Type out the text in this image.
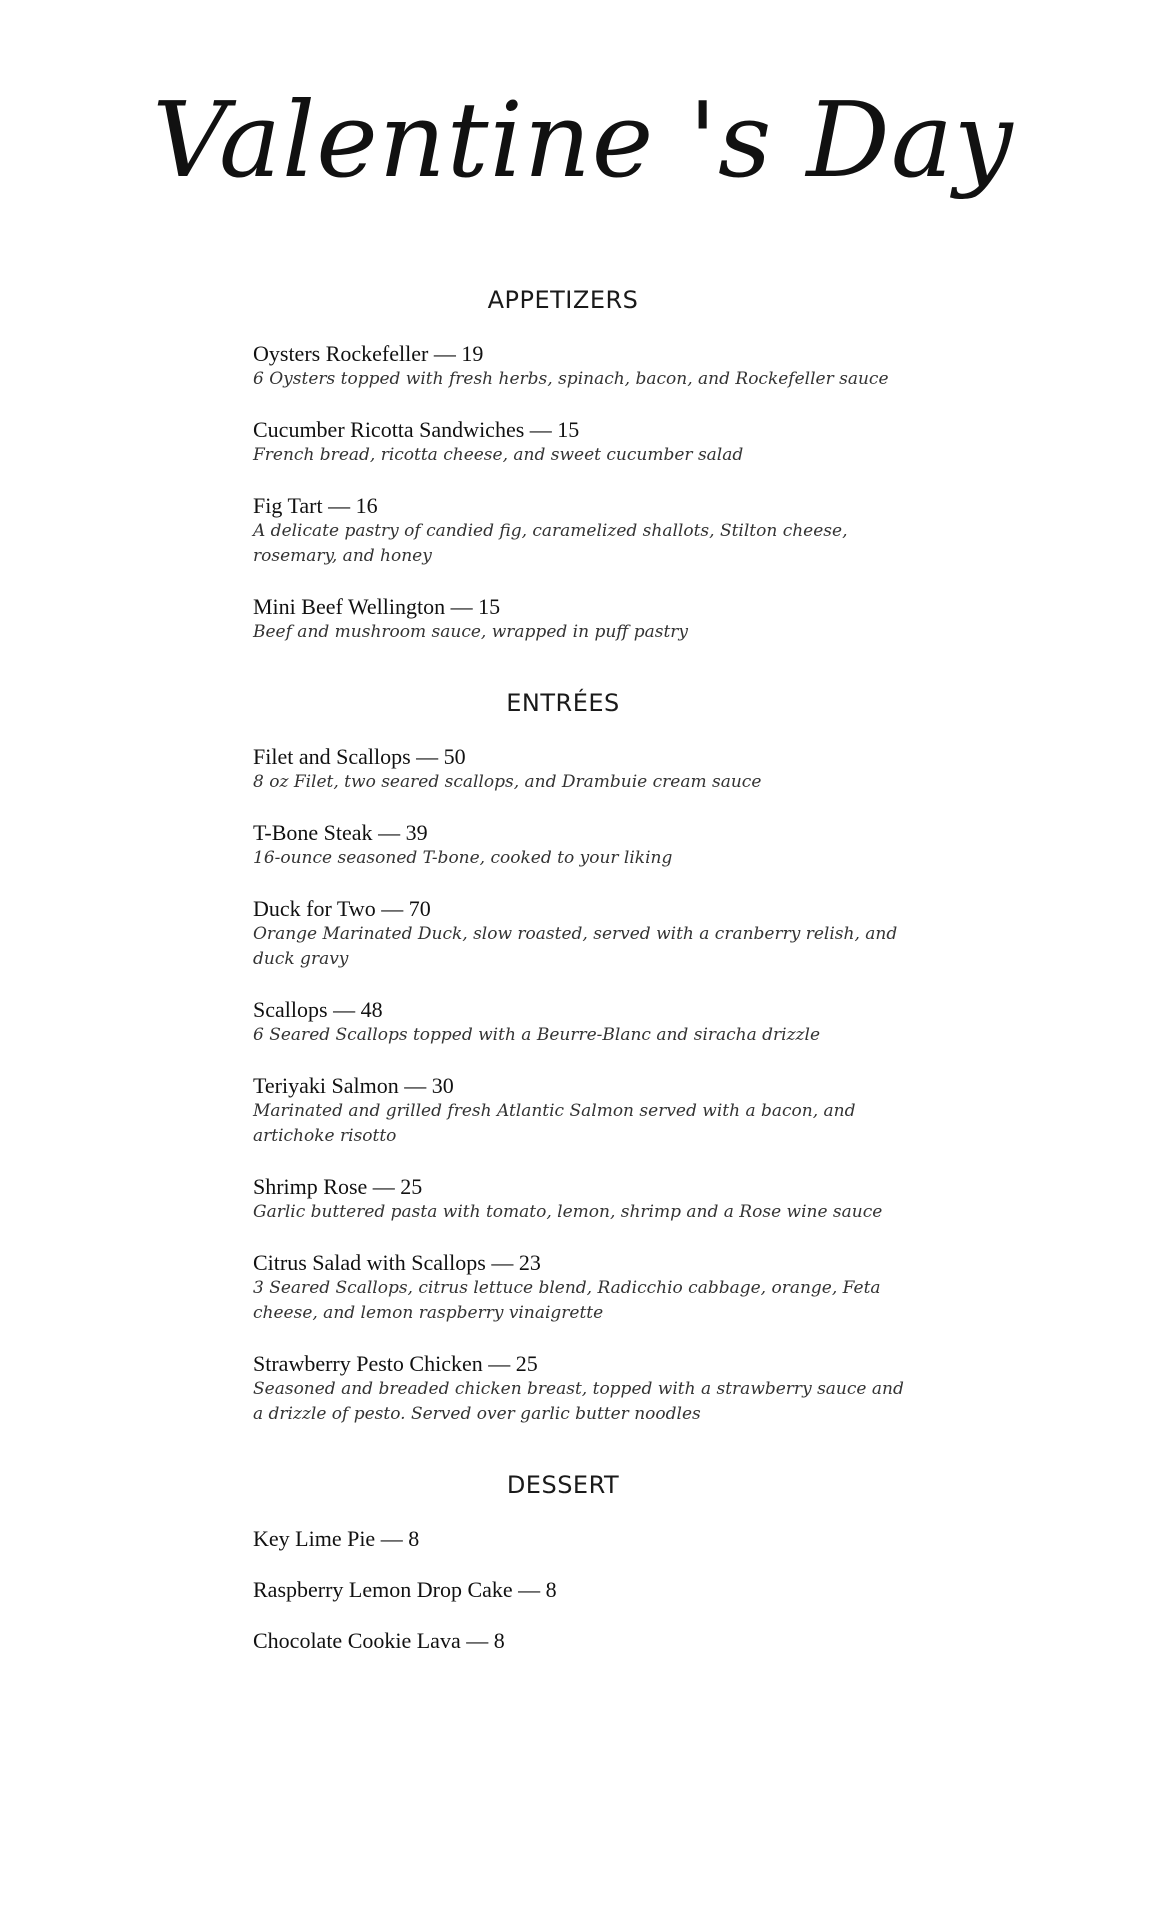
Valentine 's Day
APPETIZERS
Oysters Rockefeller — 19
6 Oysters topped with fresh herbs, spinach, bacon, and Rockefeller sauce
Cucumber Ricotta Sandwiches — 15
French bread, ricotta cheese, and sweet cucumber salad
Fig Tart — 16
A delicate pastry of candied fig, caramelized shallots, Stilton cheese, rosemary, and honey
Mini Beef Wellington — 15
Beef and mushroom sauce, wrapped in puff pastry
ENTRÉES
Filet and Scallops — 50
8 oz Filet, two seared scallops, and Drambuie cream sauce
T-Bone Steak — 39
16-ounce seasoned T-bone, cooked to your liking
Duck for Two — 70
Orange Marinated Duck, slow roasted, served with a cranberry relish, and duck gravy
Scallops — 48
6 Seared Scallops topped with a Beurre-Blanc and siracha drizzle
Teriyaki Salmon — 30
Marinated and grilled fresh Atlantic Salmon served with a bacon, and artichoke risotto
Shrimp Rose — 25
Garlic buttered pasta with tomato, lemon, shrimp and a Rose wine sauce
Citrus Salad with Scallops — 23
3 Seared Scallops, citrus lettuce blend, Radicchio cabbage, orange, Feta cheese, and lemon raspberry vinaigrette
Strawberry Pesto Chicken — 25
Seasoned and breaded chicken breast, topped with a strawberry sauce and a drizzle of pesto. Served over garlic butter noodles
DESSERT
Key Lime Pie — 8
Raspberry Lemon Drop Cake — 8
Chocolate Cookie Lava — 8
